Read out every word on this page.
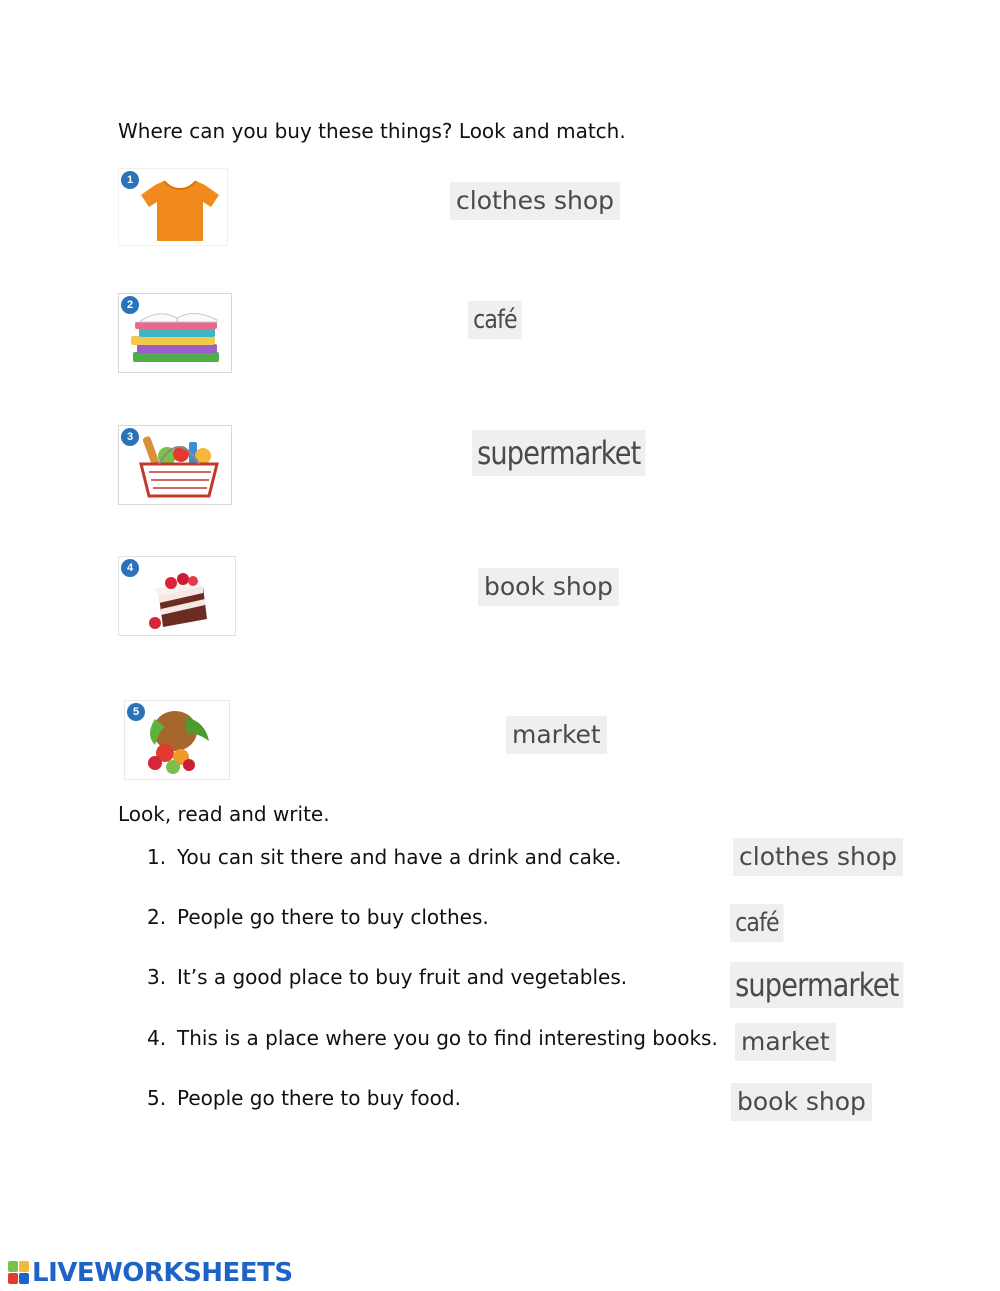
Where can you buy these things? Look and match.
1
2
3
4
5
clothes shop
café
supermarket
book shop
market
Look, read and write.
1. You can sit there and have a drink and cake.
2. People go there to buy clothes.
3. It’s a good place to buy fruit and vegetables.
4. This is a place where you go to find interesting books.
5. People go there to buy food.
clothes shop
café
supermarket
market
book shop
LIVEWORKSHEETS
